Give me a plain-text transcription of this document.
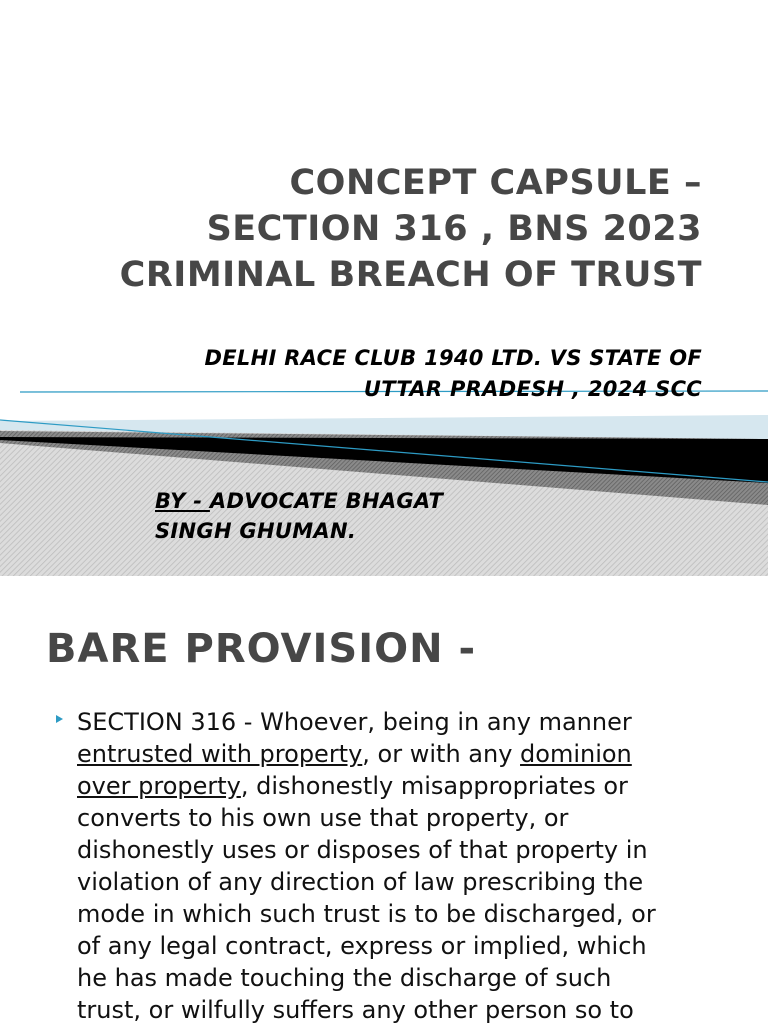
CONCEPT CAPSULE –
SECTION 316 , BNS 2023
CRIMINAL BREACH OF TRUST
DELHI RACE CLUB 1940 LTD. VS STATE OF
UTTAR PRADESH , 2024 SCC
BY - ADVOCATE BHAGAT
SINGH GHUMAN.
BARE PROVISION -
SECTION 316 - Whoever, being in any manner
entrusted with property, or with any dominion
over property, dishonestly misappropriates or
converts to his own use that property, or
dishonestly uses or disposes of that property in
violation of any direction of law prescribing the
mode in which such trust is to be discharged, or
of any legal contract, express or implied, which
he has made touching the discharge of such
trust, or wilfully suffers any other person so to
